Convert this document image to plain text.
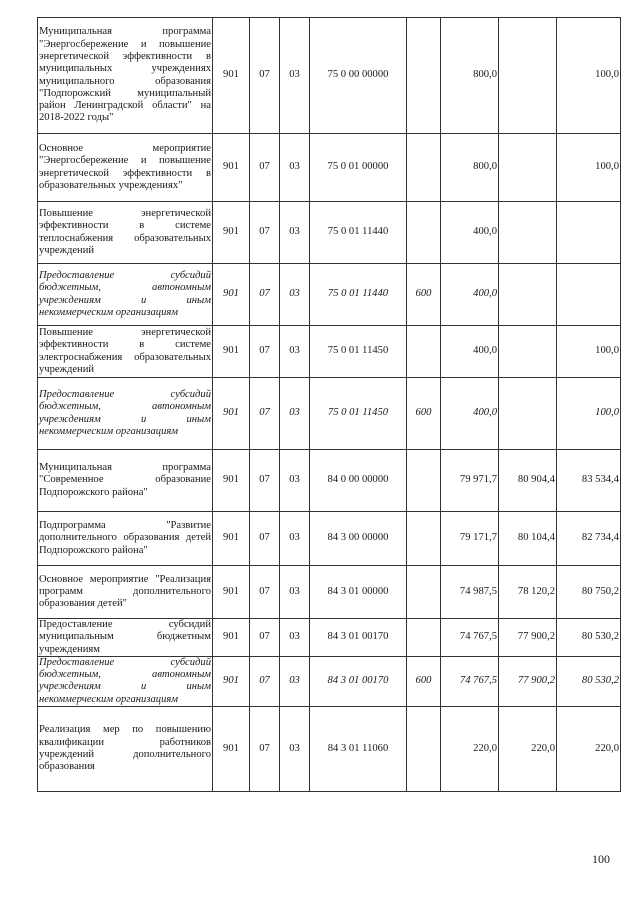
Муниципальная программа "Энергосбережение и повышение энергетической эффективности в муниципальных учреждениях муниципального образования "Подпорожский муниципальный район Ленинградской области" на 2018-2022 годы"	901	07	03	75 0 00 00000		800,0		100,0
Основное мероприятие "Энергосбережение и повышение энергетической эффективности в образовательных учреждениях"	901	07	03	75 0 01 00000		800,0		100,0
Повышение энергетической эффективности в системе теплоснабжения образовательных учреждений	901	07	03	75 0 01 11440		400,0		
Предоставление субсидий бюджетным, автономным учреждениям и иным некоммерческим организациям	901	07	03	75 0 01 11440	600	400,0		
Повышение энергетической эффективности в системе электроснабжения образовательных учреждений	901	07	03	75 0 01 11450		400,0		100,0
Предоставление субсидий бюджетным, автономным учреждениям и иным некоммерческим организациям	901	07	03	75 0 01 11450	600	400,0		100,0
Муниципальная программа "Современное образование Подпорожского района"	901	07	03	84 0 00 00000		79 971,7	80 904,4	83 534,4
Подпрограмма "Развитие дополнительного образования детей Подпорожского района"	901	07	03	84 3 00 00000		79 171,7	80 104,4	82 734,4
Основное мероприятие "Реализация программ дополнительного образования детей"	901	07	03	84 3 01 00000		74 987,5	78 120,2	80 750,2
Предоставление субсидий муниципальным бюджетным учреждениям	901	07	03	84 3 01 00170		74 767,5	77 900,2	80 530,2
Предоставление субсидий бюджетным, автономным учреждениям и иным некоммерческим организациям	901	07	03	84 3 01 00170	600	74 767,5	77 900,2	80 530,2
Реализация мер по повышению квалификации работников учреждений дополнительного образования	901	07	03	84 3 01 11060		220,0	220,0	220,0
100
